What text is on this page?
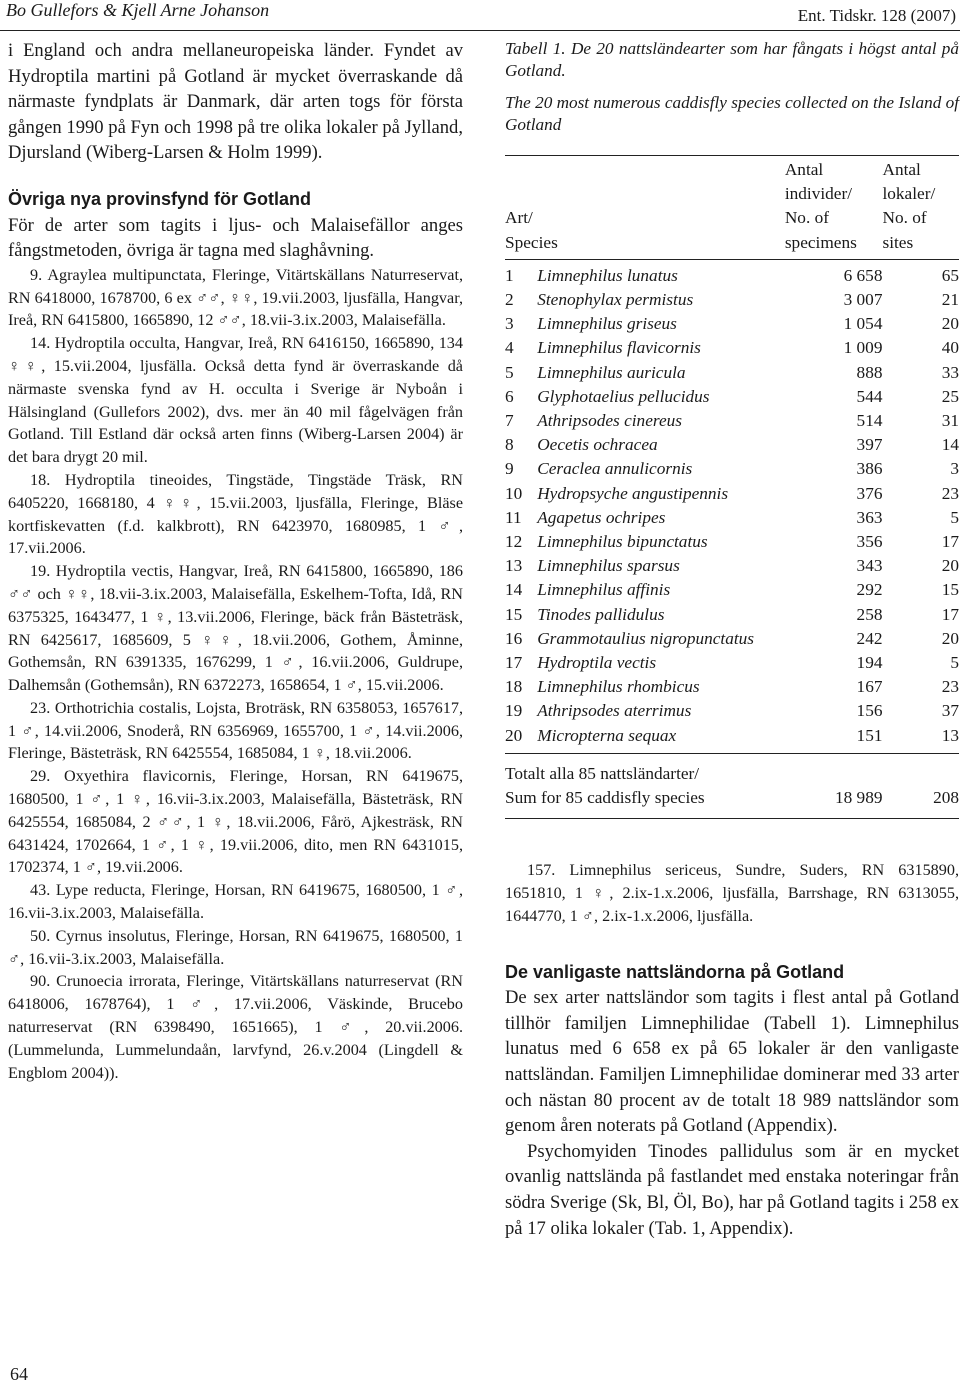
Bo Gullefors & Kjell Arne Johanson	Ent. Tidskr. 128 (2007)

i England och andra mellaneuropeiska länder. Fyndet av Hydroptila martini på Gotland är mycket överraskande då närmaste fyndplats är Danmark, där arten togs för första gången 1990 på Fyn och 1998 på tre olika lokaler på Jylland, Djursland (Wiberg-Larsen & Holm 1999).

Övriga nya provinsfynd för Gotland

För de arter som tagits i ljus- och Malaisefällor anges fångstmetoden, övriga är tagna med slaghåvning.

9. Agraylea multipunctata, Fleringe, Vitärtskällans Naturreservat, RN 6418000, 1678700, 6 ex ♂♂, ♀♀, 19.vii.2003, ljusfälla, Hangvar, Ireå, RN 6415800, 1665890, 12 ♂♂, 18.vii-3.ix.2003, Malaisefälla.

14. Hydroptila occulta, Hangvar, Ireå, RN 6416150, 1665890, 134 ♀♀, 15.vii.2004, ljusfälla. Också detta fynd är överraskande då närmaste svenska fynd av H. occulta i Sverige är Nyboån i Hälsingland (Gullefors 2002), dvs. mer än 40 mil fågelvägen från Gotland. Till Estland där också arten finns (Wiberg-Larsen 2004) är det bara drygt 20 mil.

18. Hydroptila tineoides, Tingstäde, Tingstäde Träsk, RN 6405220, 1668180, 4 ♀♀, 15.vii.2003, ljusfälla, Fleringe, Bläse kortfiskevatten (f.d. kalkbrott), RN 6423970, 1680985, 1 ♂, 17.vii.2006.

19. Hydroptila vectis, Hangvar, Ireå, RN 6415800, 1665890, 186 ♂♂ och ♀♀, 18.vii-3.ix.2003, Malaisefälla, Eskelhem-Tofta, Idå, RN 6375325, 1643477, 1 ♀, 13.vii.2006, Fleringe, bäck från Bästeträsk, RN 6425617, 1685609, 5 ♀♀, 18.vii.2006, Gothem, Åminne, Gothemsån, RN 6391335, 1676299, 1 ♂, 16.vii.2006, Guldrupe, Dalhemsån (Gothemsån), RN 6372273, 1658654, 1 ♂, 15.vii.2006.

23. Orthotrichia costalis, Lojsta, Broträsk, RN 6358053, 1657617, 1 ♂, 14.vii.2006, Snoderå, RN 6356969, 1655700, 1 ♂, 14.vii.2006, Fleringe, Bästeträsk, RN 6425554, 1685084, 1 ♀, 18.vii.2006.

29. Oxyethira flavicornis, Fleringe, Horsan, RN 6419675, 1680500, 1 ♂, 1 ♀, 16.vii-3.ix.2003, Malaisefälla, Bästeträsk, RN 6425554, 1685084, 2 ♂♂, 1 ♀, 18.vii.2006, Fårö, Ajkesträsk, RN 6431424, 1702664, 1 ♂, 1 ♀, 19.vii.2006, dito, men RN 6431015, 1702374, 1 ♂, 19.vii.2006.

43. Lype reducta, Fleringe, Horsan, RN 6419675, 1680500, 1 ♂, 16.vii-3.ix.2003, Malaisefälla.

50. Cyrnus insolutus, Fleringe, Horsan, RN 6419675, 1680500, 1 ♂, 16.vii-3.ix.2003, Malaisefälla.

90. Crunoecia irrorata, Fleringe, Vitärtskällans naturreservat (RN 6418006, 1678764), 1 ♂, 17.vii.2006, Väskinde, Brucebo naturreservat (RN 6398490, 1651665), 1 ♂, 20.vii.2006. (Lummelunda, Lummelundaån, larvfynd, 26.v.2004 (Lingdell & Engblom 2004)).

64

Tabell 1. De 20 nattsländearter som har fångats i högst antal på Gotland.

The 20 most numerous caddisfly species collected on the Island of Gotland

		Antal	Antal
		individer/	lokaler/
Art/		No. of	No. of
Species		specimens	sites
1	Limnephilus lunatus	6 658	65
2	Stenophylax permistus	3 007	21
3	Limnephilus griseus	1 054	20
4	Limnephilus flavicornis	1 009	40
5	Limnephilus auricula	888	33
6	Glyphotaelius pellucidus	544	25
7	Athripsodes cinereus	514	31
8	Oecetis ochracea	397	14
9	Ceraclea annulicornis	386	3
10	Hydropsyche angustipennis	376	23
11	Agapetus ochripes	363	5
12	Limnephilus bipunctatus	356	17
13	Limnephilus sparsus	343	20
14	Limnephilus affinis	292	15
15	Tinodes pallidulus	258	17
16	Grammotaulius nigropunctatus	242	20
17	Hydroptila vectis	194	5
18	Limnephilus rhombicus	167	23
19	Athripsodes aterrimus	156	37
20	Micropterna sequax	151	13
Totalt alla 85 nattsländarter/
Sum for 85 caddisfly species	18 989	208

157. Limnephilus sericeus, Sundre, Suders, RN 6315890, 1651810, 1 ♀, 2.ix-1.x.2006, ljusfälla, Barrshage, RN 6313055, 1644770, 1 ♂, 2.ix-1.x.2006, ljusfälla.

De vanligaste nattsländorna på Gotland

De sex arter nattsländor som tagits i flest antal på Gotland tillhör familjen Limnephilidae (Tabell 1). Limnephilus lunatus med 6 658 ex på 65 lokaler är den vanligaste nattsländan. Familjen Limnephilidae dominerar med 33 arter och nästan 80 procent av de totalt 18 989 nattsländor som genom åren noterats på Gotland (Appendix).

Psychomyiden Tinodes pallidulus som är en mycket ovanlig nattslända på fastlandet med enstaka noteringar från södra Sverige (Sk, Bl, Öl, Bo), har på Gotland tagits i 258 ex på 17 olika lokaler (Tab. 1, Appendix).
